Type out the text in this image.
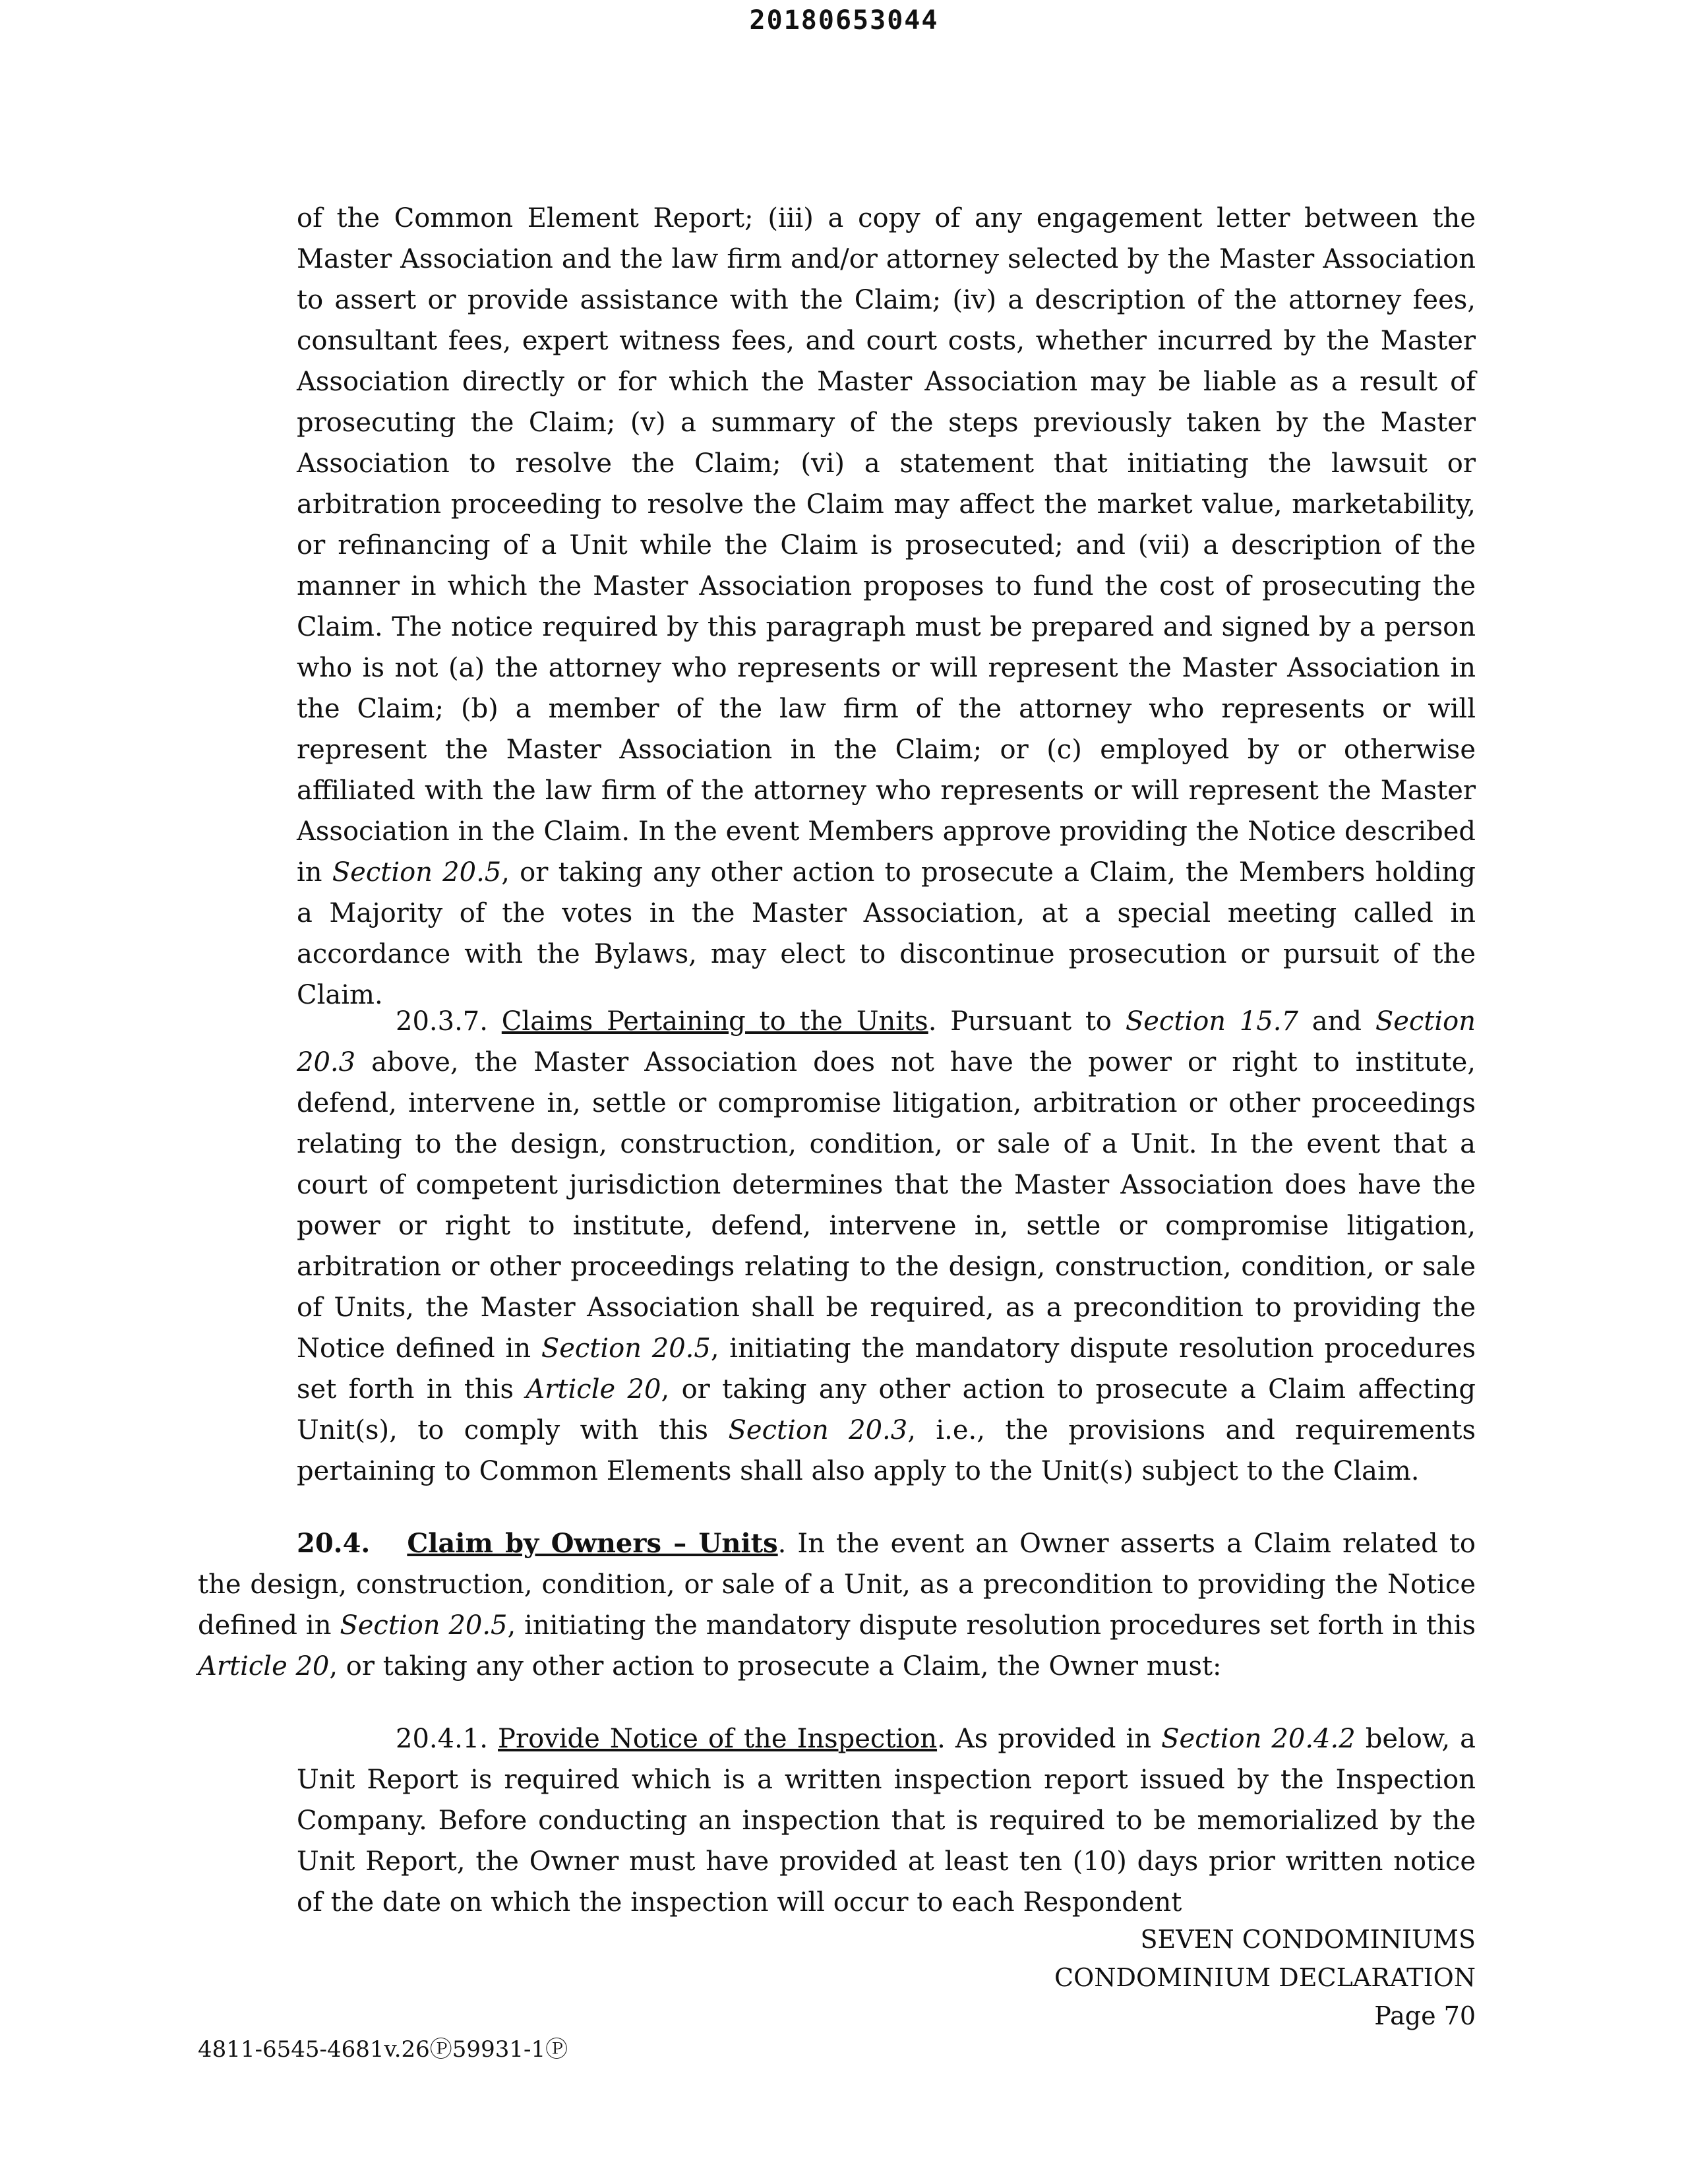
20180653044

of the Common Element Report; (iii) a copy of any engagement letter between the Master Association and the law firm and/or attorney selected by the Master Association to assert or provide assistance with the Claim; (iv) a description of the attorney fees, consultant fees, expert witness fees, and court costs, whether incurred by the Master Association directly or for which the Master Association may be liable as a result of prosecuting the Claim; (v) a summary of the steps previously taken by the Master Association to resolve the Claim; (vi) a statement that initiating the lawsuit or arbitration proceeding to resolve the Claim may affect the market value, marketability, or refinancing of a Unit while the Claim is prosecuted; and (vii) a description of the manner in which the Master Association proposes to fund the cost of prosecuting the Claim. The notice required by this paragraph must be prepared and signed by a person who is not (a) the attorney who represents or will represent the Master Association in the Claim; (b) a member of the law firm of the attorney who represents or will represent the Master Association in the Claim; or (c) employed by or otherwise affiliated with the law firm of the attorney who represents or will represent the Master Association in the Claim. In the event Members approve providing the Notice described in Section 20.5, or taking any other action to prosecute a Claim, the Members holding a Majority of the votes in the Master Association, at a special meeting called in accordance with the Bylaws, may elect to discontinue prosecution or pursuit of the Claim.

20.3.7. Claims Pertaining to the Units. Pursuant to Section 15.7 and Section 20.3 above, the Master Association does not have the power or right to institute, defend, intervene in, settle or compromise litigation, arbitration or other proceedings relating to the design, construction, condition, or sale of a Unit. In the event that a court of competent jurisdiction determines that the Master Association does have the power or right to institute, defend, intervene in, settle or compromise litigation, arbitration or other proceedings relating to the design, construction, condition, or sale of Units, the Master Association shall be required, as a precondition to providing the Notice defined in Section 20.5, initiating the mandatory dispute resolution procedures set forth in this Article 20, or taking any other action to prosecute a Claim affecting Unit(s), to comply with this Section 20.3, i.e., the provisions and requirements pertaining to Common Elements shall also apply to the Unit(s) subject to the Claim.

20.4. Claim by Owners – Units. In the event an Owner asserts a Claim related to the design, construction, condition, or sale of a Unit, as a precondition to providing the Notice defined in Section 20.5, initiating the mandatory dispute resolution procedures set forth in this Article 20, or taking any other action to prosecute a Claim, the Owner must:

20.4.1. Provide Notice of the Inspection. As provided in Section 20.4.2 below, a Unit Report is required which is a written inspection report issued by the Inspection Company. Before conducting an inspection that is required to be memorialized by the Unit Report, the Owner must have provided at least ten (10) days prior written notice of the date on which the inspection will occur to each Respondent

SEVEN CONDOMINIUMS
CONDOMINIUM DECLARATION
Page 70
4811-6545-4681v.26Ⓟ59931-1Ⓟ
